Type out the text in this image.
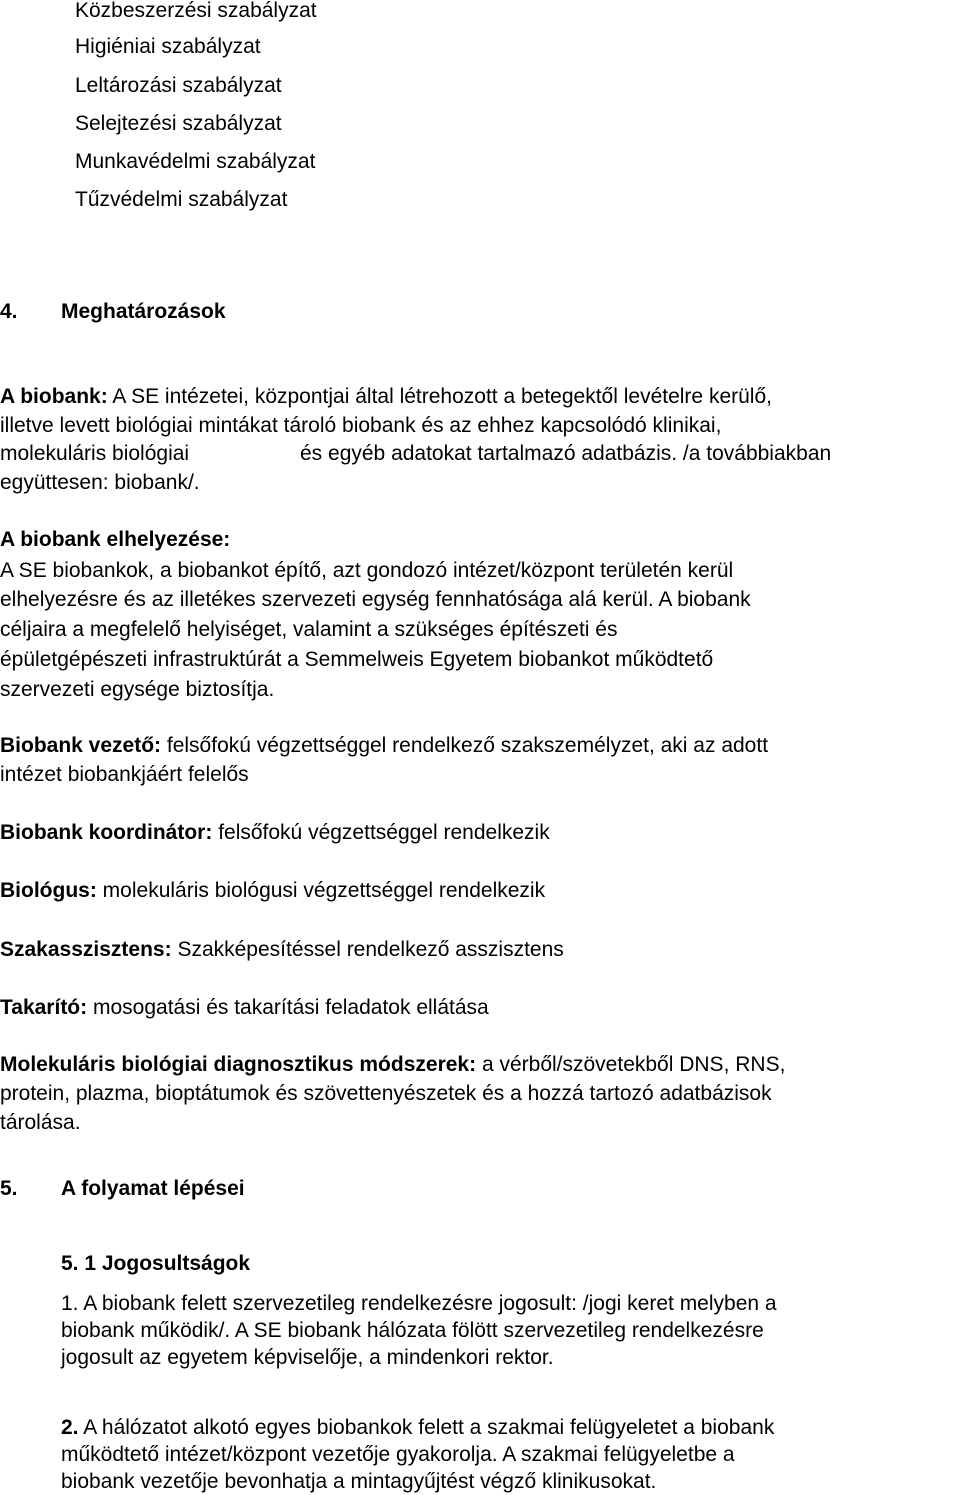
Közbeszerzési szabályzat
Higiéniai szabályzat
Leltározási szabályzat
Selejtezési szabályzat
Munkavédelmi szabályzat
Tűzvédelmi szabályzat
4. Meghatározások
A biobank: A SE intézetei, központjai által létrehozott a betegektől levételre kerülő,
illetve levett biológiai mintákat tároló biobank és az ehhez kapcsolódó klinikai,
molekuláris biológiai	és egyéb adatokat tartalmazó adatbázis. /a továbbiakban
együttesen: biobank/.
A biobank elhelyezése:
A SE biobankok, a biobankot építő, azt gondozó intézet/központ területén kerül
elhelyezésre és az illetékes szervezeti egység fennhatósága alá kerül. A biobank
céljaira a megfelelő helyiséget, valamint a szükséges építészeti és
épületgépészeti infrastruktúrát a Semmelweis Egyetem biobankot működtető
szervezeti egysége biztosítja.
Biobank vezető: felsőfokú végzettséggel rendelkező szakszemélyzet, aki az adott
intézet biobankjáért felelős
Biobank koordinátor: felsőfokú végzettséggel rendelkezik
Biológus: molekuláris biológusi végzettséggel rendelkezik
Szakasszisztens: Szakképesítéssel rendelkező asszisztens
Takarító: mosogatási és takarítási feladatok ellátása
Molekuláris biológiai diagnosztikus módszerek: a vérből/szövetekből DNS, RNS,
protein, plazma, bioptátumok és szövettenyészetek és a hozzá tartozó adatbázisok
tárolása.
5. A folyamat lépései
5. 1 Jogosultságok
1. A biobank felett szervezetileg rendelkezésre jogosult: /jogi keret melyben a
biobank működik/. A SE biobank hálózata fölött szervezetileg rendelkezésre
jogosult az egyetem képviselője, a mindenkori rektor.
2. A hálózatot alkotó egyes biobankok felett a szakmai felügyeletet a biobank
működtető intézet/központ vezetője gyakorolja. A szakmai felügyeletbe a
biobank vezetője bevonhatja a mintagyűjtést végző klinikusokat.
